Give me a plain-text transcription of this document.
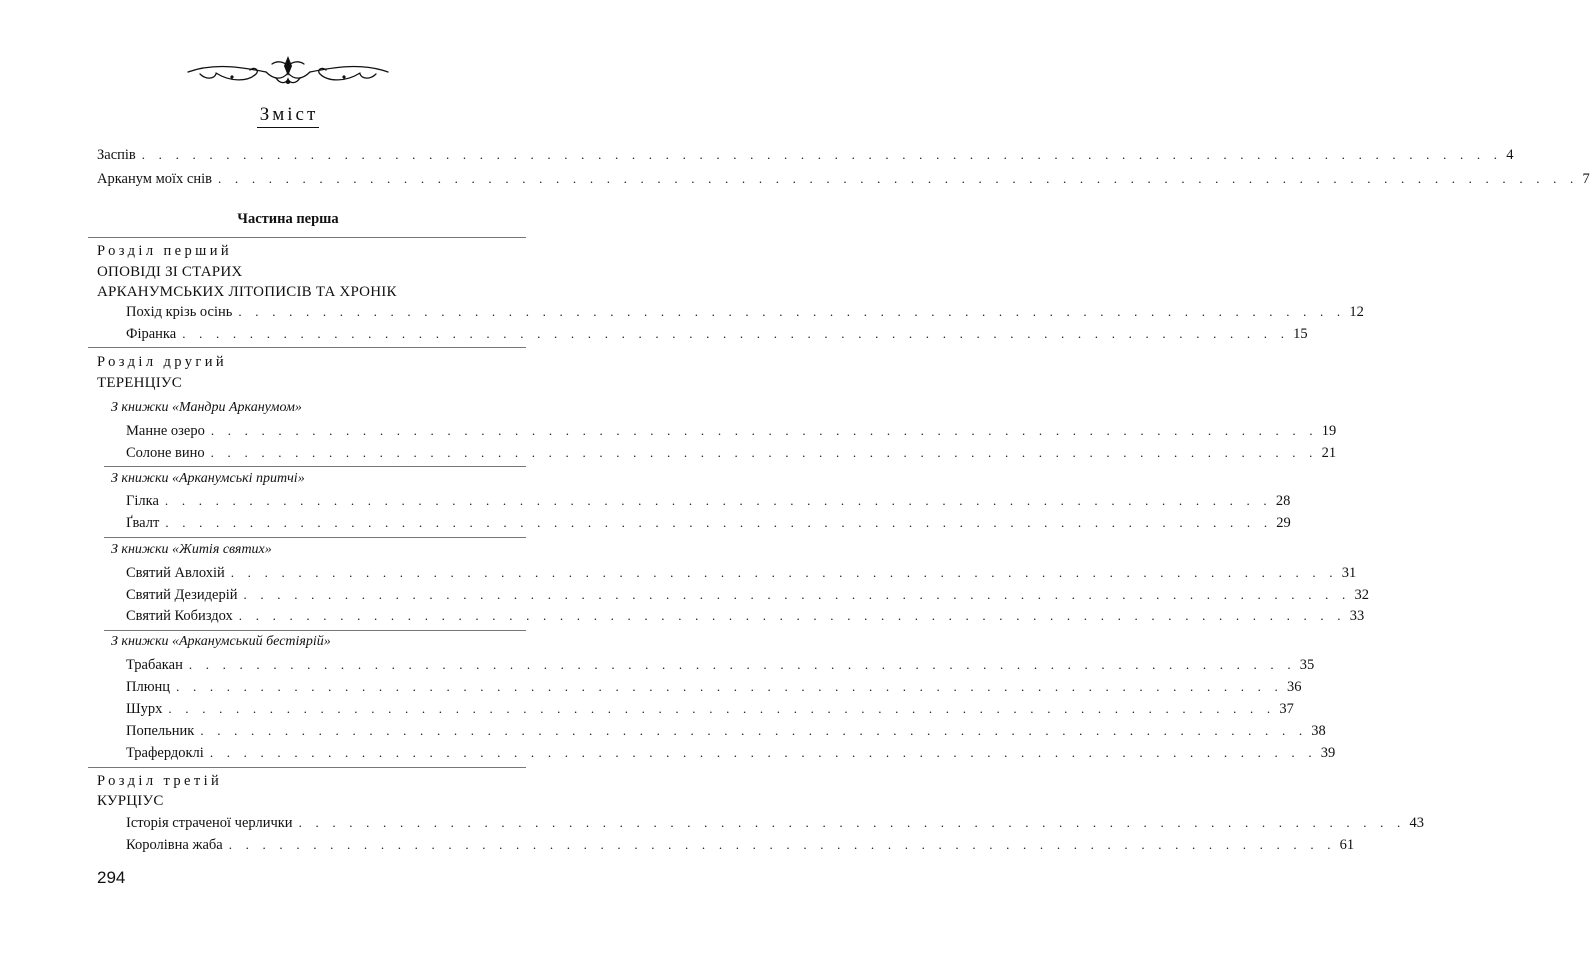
Зміст
Заспів . . . . . . . . . . . . . . . . . . . . . . . . . . . . . . . . . . . . . . . . . . . . . . . . . . . . . . . . . . . . . . . . . . . . . . . . . . . . . . . . . 4
Арканум моїх снів . . . . . . . . . . . . . . . . . . . . . . . . . . . . . . . . . . . . . . . . . . . . . . . . . . . . . . . . . . . . . . . . . . . . . . . . . . . . . . . . . 7
Частина перша
Розділ перший
ОПОВІДІ ЗІ СТАРИХ
АРКАНУМСЬКИХ ЛІТОПИСІВ ТА ХРОНІК
Похід крізь осінь . . . . . . . . . . . . . . . . . . . . . . . . . . . . . . . . . . . . . . . . . . . . . . . . . . . . . . . . . . . . . . . . . . 12
Фіранка . . . . . . . . . . . . . . . . . . . . . . . . . . . . . . . . . . . . . . . . . . . . . . . . . . . . . . . . . . . . . . . . . . 15
Розділ другий
ТЕРЕНЦІУС
З книжки «Мандри Арканумом»
Манне озеро . . . . . . . . . . . . . . . . . . . . . . . . . . . . . . . . . . . . . . . . . . . . . . . . . . . . . . . . . . . . . . . . . . 19
Солоне вино . . . . . . . . . . . . . . . . . . . . . . . . . . . . . . . . . . . . . . . . . . . . . . . . . . . . . . . . . . . . . . . . . . 21
З книжки «Арканумські притчі»
Гілка . . . . . . . . . . . . . . . . . . . . . . . . . . . . . . . . . . . . . . . . . . . . . . . . . . . . . . . . . . . . . . . . . . 28
Ґвалт . . . . . . . . . . . . . . . . . . . . . . . . . . . . . . . . . . . . . . . . . . . . . . . . . . . . . . . . . . . . . . . . . . 29
З книжки «Житія святих»
Святий Авлохій . . . . . . . . . . . . . . . . . . . . . . . . . . . . . . . . . . . . . . . . . . . . . . . . . . . . . . . . . . . . . . . . . . 31
Святий Дезидерій . . . . . . . . . . . . . . . . . . . . . . . . . . . . . . . . . . . . . . . . . . . . . . . . . . . . . . . . . . . . . . . . . . 32
Святий Кобиздох . . . . . . . . . . . . . . . . . . . . . . . . . . . . . . . . . . . . . . . . . . . . . . . . . . . . . . . . . . . . . . . . . . 33
З книжки «Арканумський бестіярій»
Трабакан . . . . . . . . . . . . . . . . . . . . . . . . . . . . . . . . . . . . . . . . . . . . . . . . . . . . . . . . . . . . . . . . . . 35
Плюнц . . . . . . . . . . . . . . . . . . . . . . . . . . . . . . . . . . . . . . . . . . . . . . . . . . . . . . . . . . . . . . . . . . 36
Шурх . . . . . . . . . . . . . . . . . . . . . . . . . . . . . . . . . . . . . . . . . . . . . . . . . . . . . . . . . . . . . . . . . . 37
Попельник . . . . . . . . . . . . . . . . . . . . . . . . . . . . . . . . . . . . . . . . . . . . . . . . . . . . . . . . . . . . . . . . . . 38
Трафердоклі . . . . . . . . . . . . . . . . . . . . . . . . . . . . . . . . . . . . . . . . . . . . . . . . . . . . . . . . . . . . . . . . . . 39
Розділ третій
КУРЦІУС
Історія страченої черлички . . . . . . . . . . . . . . . . . . . . . . . . . . . . . . . . . . . . . . . . . . . . . . . . . . . . . . . . . . . . . . . . . . 43
Королівна жаба . . . . . . . . . . . . . . . . . . . . . . . . . . . . . . . . . . . . . . . . . . . . . . . . . . . . . . . . . . . . . . . . . . 61
294
